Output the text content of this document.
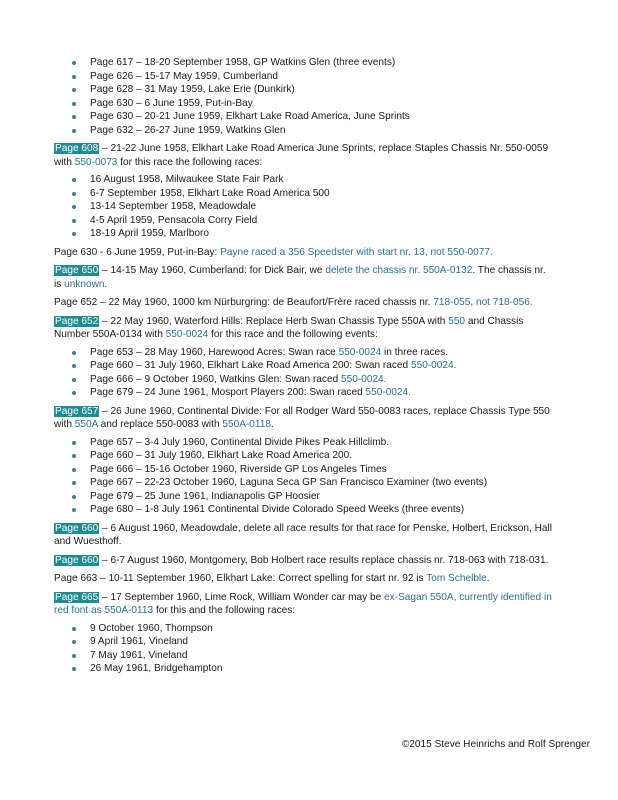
Page 617 – 18-20 September 1958, GP Watkins Glen (three events)
Page 626 – 15-17 May 1959, Cumberland
Page 628 – 31 May 1959, Lake Erie (Dunkirk)
Page 630 – 6 June 1959, Put-in-Bay
Page 630 – 20-21 June 1959, Elkhart Lake Road America, June Sprints
Page 632 – 26-27 June 1959, Watkins Glen

Page 608 – 21-22 June 1958, Elkhart Lake Road America June Sprints, replace Staples Chassis Nr. 550-0059 with 550-0073 for this race the following races:

16 August 1958, Milwaukee State Fair Park
6-7 September 1958, Elkhart Lake Road America 500
13-14 September 1958, Meadowdale
4-5 April 1959, Pensacola Corry Field
18-19 April 1959, Marlboro

Page 630 - 6 June 1959, Put-in-Bay: Payne raced a 356 Speedster with start nr. 13, not 550-0077.

Page 650 – 14-15 May 1960, Cumberland: for Dick Bair, we delete the chassis nr. 550A-0132. The chassis nr. is unknown.

Page 652 – 22 May 1960, 1000 km Nürburgring: de Beaufort/Frère raced chassis nr. 718-055, not 718-056.

Page 652 – 22 May 1960, Waterford Hills: Replace Herb Swan Chassis Type 550A with 550 and Chassis Number 550A-0134 with 550-0024 for this race and the following events:

Page 653 – 28 May 1960, Harewood Acres: Swan race 550-0024 in three races.
Page 660 – 31 July 1960, Elkhart Lake Road America 200: Swan raced 550-0024.
Page 666 – 9 October 1960, Watkins Glen: Swan raced 550-0024.
Page 679 – 24 June 1961, Mosport Players 200: Swan raced 550-0024.

Page 657 – 26 June 1960, Continental Divide: For all Rodger Ward 550-0083 races, replace Chassis Type 550 with 550A and replace 550-0083 with 550A-0118.

Page 657 – 3-4 July 1960, Continental Divide Pikes Peak Hillclimb.
Page 660 – 31 July 1960, Elkhart Lake Road America 200.
Page 666 – 15-16 October 1960, Riverside GP Los Angeles Times
Page 667 – 22-23 October 1960, Laguna Seca GP San Francisco Examiner (two events)
Page 679 – 25 June 1961, Indianapolis GP Hoosier
Page 680 – 1-8 July 1961 Continental Divide Colorado Speed Weeks (three events)

Page 660 – 6 August 1960, Meadowdale, delete all race results for that race for Penske, Holbert, Erickson, Hall and Wuesthoff.

Page 660 – 6-7 August 1960, Montgomery, Bob Holbert race results replace chassis nr. 718-063 with 718-031.

Page 663 – 10-11 September 1960, Elkhart Lake: Correct spelling for start nr. 92 is Tom Schelble.

Page 665 – 17 September 1960, Lime Rock, William Wonder car may be ex-Sagan 550A, currently identified in red font as 550A-0113 for this and the following races:

9 October 1960, Thompson
9 April 1961, Vineland
7 May 1961, Vineland
26 May 1961, Bridgehampton
©2015 Steve Heinrichs and Rolf Sprenger
